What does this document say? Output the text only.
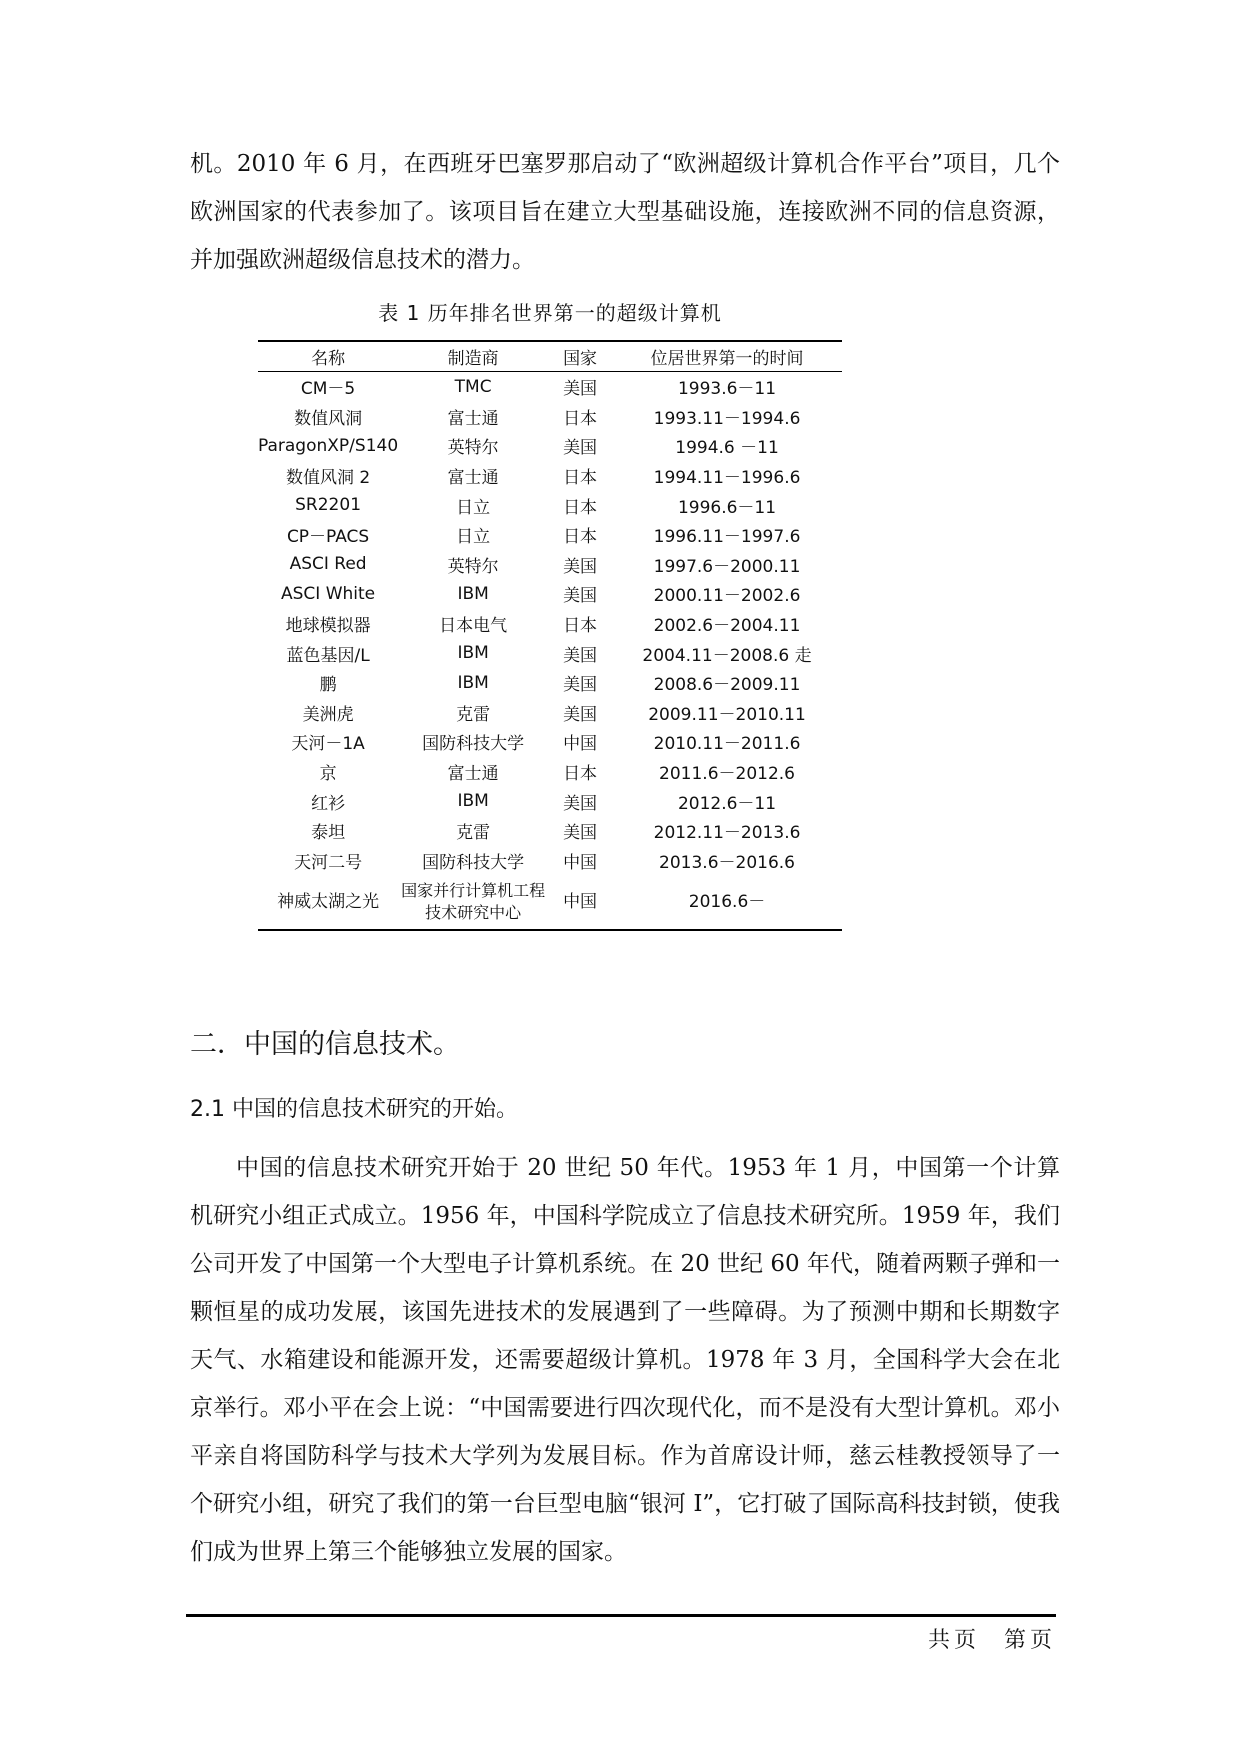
机。2010 年 6 月，在西班牙巴塞罗那启动了“欧洲超级计算机合作平台”项目，几个欧洲国家的代表参加了。该项目旨在建立大型基础设施，连接欧洲不同的信息资源，并加强欧洲超级信息技术的潜力。

表 1 历年排名世界第一的超级计算机
名称	制造商	国家	位居世界第一的时间
CM－5	TMC	美国	1993.6－11
数值风洞	富士通	日本	1993.11－1994.6
ParagonXP/S140	英特尔	美国	1994.6 －11
数值风洞 2	富士通	日本	1994.11－1996.6
SR2201	日立	日本	1996.6－11
CP－PACS	日立	日本	1996.11－1997.6
ASCI Red	英特尔	美国	1997.6－2000.11
ASCI White	IBM	美国	2000.11－2002.6
地球模拟器	日本电气	日本	2002.6－2004.11
蓝色基因/L	IBM	美国	2004.11－2008.6 走
鹏	IBM	美国	2008.6－2009.11
美洲虎	克雷	美国	2009.11－2010.11
天河－1A	国防科技大学	中国	2010.11－2011.6
京	富士通	日本	2011.6－2012.6
红衫	IBM	美国	2012.6－11
泰坦	克雷	美国	2012.11－2013.6
天河二号	国防科技大学	中国	2013.6－2016.6
神威太湖之光	国家并行计算机工程技术研究中心	中国	2016.6－
二．中国的信息技术。
2.1 中国的信息技术研究的开始。

中国的信息技术研究开始于 20 世纪 50 年代。1953 年 1 月，中国第一个计算机研究小组正式成立。1956 年，中国科学院成立了信息技术研究所。1959 年，我们公司开发了中国第一个大型电子计算机系统。在 20 世纪 60 年代，随着两颗子弹和一颗恒星的成功发展，该国先进技术的发展遇到了一些障碍。为了预测中期和长期数字天气、水箱建设和能源开发，还需要超级计算机。1978 年 3 月，全国科学大会在北京举行。邓小平在会上说：“中国需要进行四次现代化，而不是没有大型计算机。邓小平亲自将国防科学与技术大学列为发展目标。作为首席设计师，慈云桂教授领导了一个研究小组，研究了我们的第一台巨型电脑“银河 I”，它打破了国际高科技封锁，使我们成为世界上第三个能够独立发展的国家。

共页 第页
